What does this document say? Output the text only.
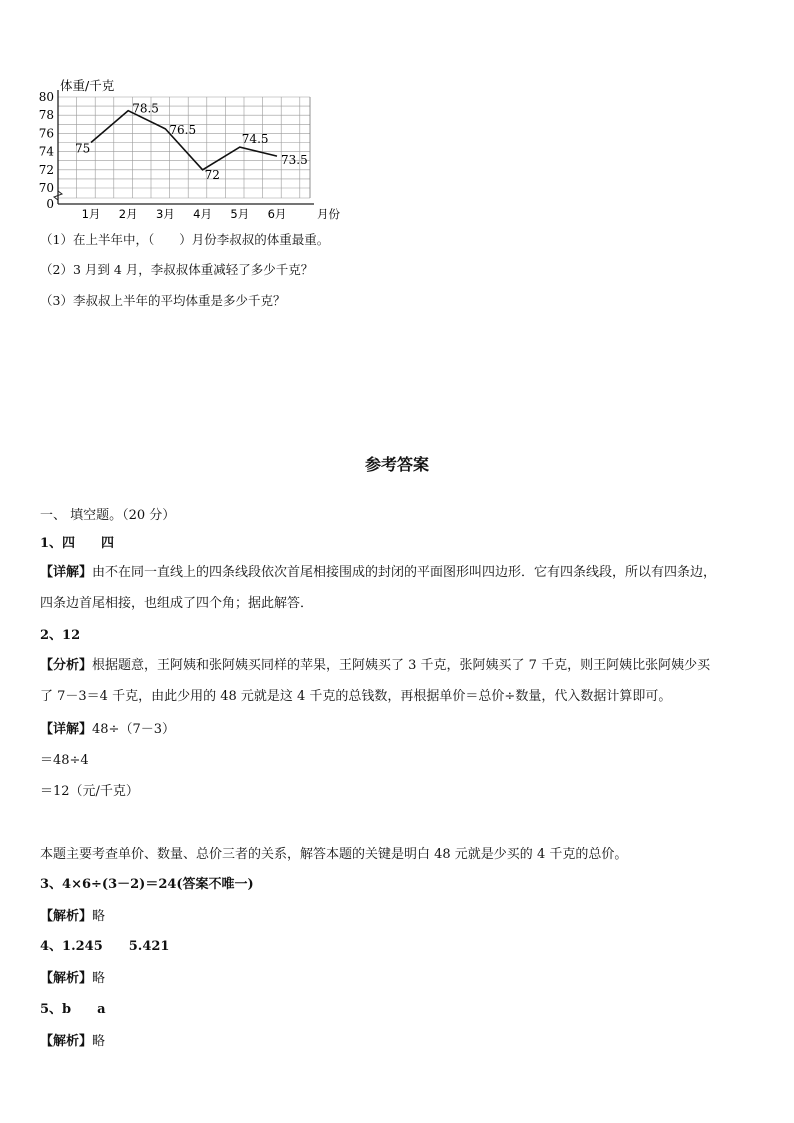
80
78
76
74
72
70
0
体重/千克
1月 2月 3月 4月 5月 6月	月份
75
78.5
76.5
72
74.5
73.5
（1）在上半年中，（　　）月份李叔叔的体重最重。
（2）3 月到 4 月，李叔叔体重减轻了多少千克？
（3）李叔叔上半年的平均体重是多少千克？
参考答案
一、 填空题。（20 分）
1、四　　四
【详解】由不在同一直线上的四条线段依次首尾相接围成的封闭的平面图形叫四边形．它有四条线段，所以有四条边，
四条边首尾相接，也组成了四个角；据此解答．
2、12
【分析】根据题意，王阿姨和张阿姨买同样的苹果，王阿姨买了 3 千克，张阿姨买了 7 千克，则王阿姨比张阿姨少买
了 7－3＝4 千克，由此少用的 48 元就是这 4 千克的总钱数，再根据单价＝总价÷数量，代入数据计算即可。
【详解】48÷（7－3）
＝48÷4
＝12（元/千克）
本题主要考查单价、数量、总价三者的关系，解答本题的关键是明白 48 元就是少买的 4 千克的总价。
3、4×6÷(3－2)＝24(答案不唯一)
【解析】略
4、1.245　　5.421
【解析】略
5、b　　a
【解析】略
